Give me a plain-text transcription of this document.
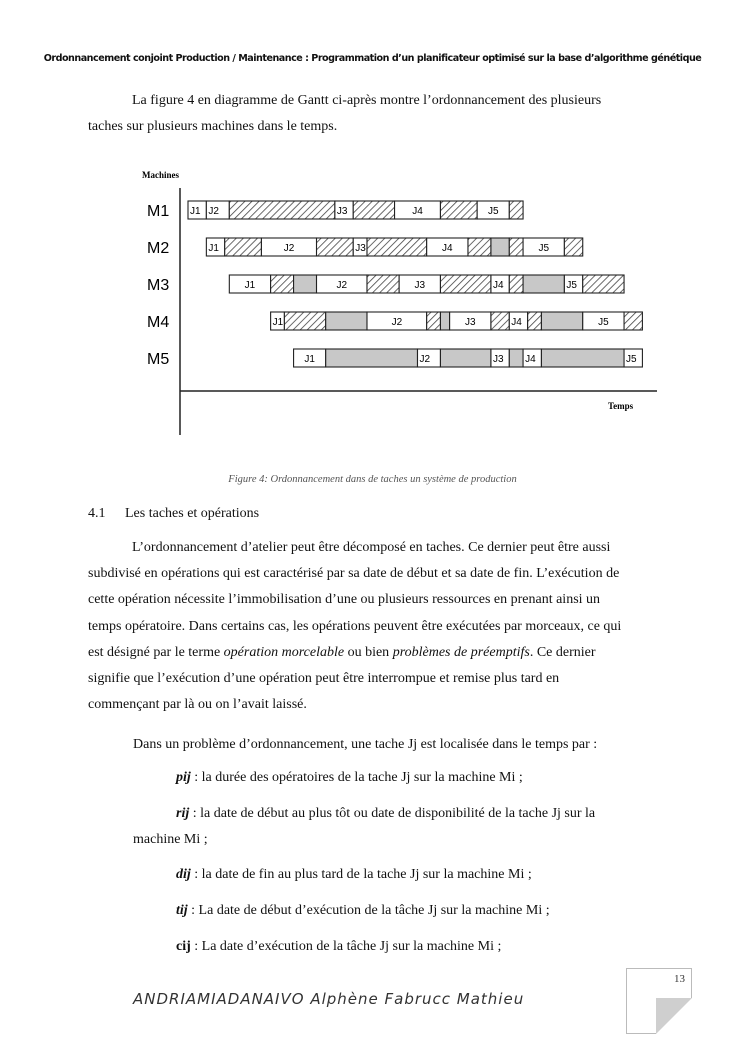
Ordonnancement conjoint Production / Maintenance : Programmation d’un planificateur optimisé sur la base d’algorithme génétique

La figure 4 en diagramme de Gantt ci-après montre l’ordonnancement des plusieurs
taches sur plusieurs machines dans le temps.

Machines
Temps
M1 J1 J2	J3	J4	J5
M2	J1	J2	J3	J4	J5
M3	J1	J2	J3	J4	J5
M4	J1	J2	J3	J4	J5
M5	J1	J2	J3 J4	J5
Figure 4: Ordonnancement dans de taches un système de production
4.1 Les taches et opérations

L’ordonnancement d’atelier peut être décomposé en taches. Ce dernier peut être aussi
subdivisé en opérations qui est caractérisé par sa date de début et sa date de fin. L’exécution de
cette opération nécessite l’immobilisation d’une ou plusieurs ressources en prenant ainsi un
temps opératoire. Dans certains cas, les opérations peuvent être exécutées par morceaux, ce qui
est désigné par le terme opération morcelable ou bien problèmes de préemptifs. Ce dernier
signifie que l’exécution d’une opération peut être interrompue et remise plus tard en
commençant par là ou on l’avait laissé.

Dans un problème d’ordonnancement, une tache Jj est localisée dans le temps par :

pij : la durée des opératoires de la tache Jj sur la machine Mi ;

rij : la date de début au plus tôt ou date de disponibilité de la tache Jj sur la
machine Mi ;

dij : la date de fin au plus tard de la tache Jj sur la machine Mi ;

tij : La date de début d’exécution de la tâche Jj sur la machine Mi ;

cij : La date d’exécution de la tâche Jj sur la machine Mi ;

13
ANDRIAMIADANAIVO Alphène Fabrucc Mathieu
